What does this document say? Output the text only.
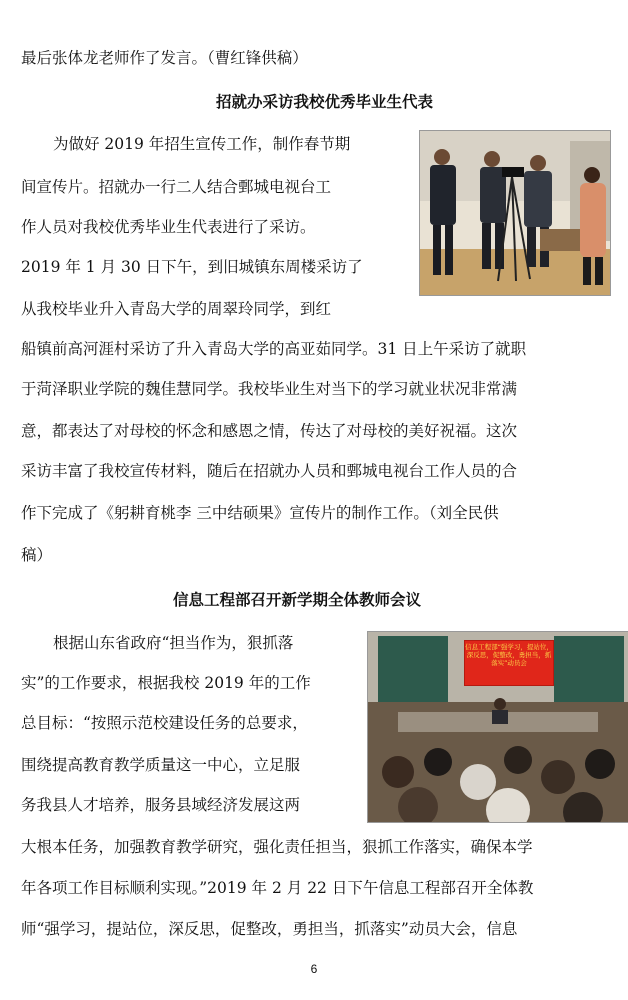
最后张体龙老师作了发言。（曹红锋供稿）
招就办采访我校优秀毕业生代表
为做好 2019 年招生宣传工作，制作春节期
间宣传片。招就办一行二人结合鄄城电视台工
作人员对我校优秀毕业生代表进行了采访。
2019 年 1 月 30 日下午，到旧城镇东周楼采访了
从我校毕业升入青岛大学的周翠玲同学，到红
船镇前高河涯村采访了升入青岛大学的高亚茹同学。31 日上午采访了就职
于菏泽职业学院的魏佳慧同学。我校毕业生对当下的学习就业状况非常满
意，都表达了对母校的怀念和感恩之情，传达了对母校的美好祝福。这次
采访丰富了我校宣传材料，随后在招就办人员和鄄城电视台工作人员的合
作下完成了《躬耕育桃李 三中结硕果》宣传片的制作工作。（刘全民供
稿）
信息工程部召开新学期全体教师会议
根据山东省政府“担当作为，狠抓落
实”的工作要求，根据我校 2019 年的工作
总目标：“按照示范校建设任务的总要求，
围绕提高教育教学质量这一中心，立足服
务我县人才培养，服务县域经济发展这两
大根本任务，加强教育教学研究，强化责任担当，狠抓工作落实，确保本学
年各项工作目标顺利实现。”2019 年 2 月 22 日下午信息工程部召开全体教
师“强学习，提站位，深反思，促整改，勇担当，抓落实”动员大会，信息
信息工程部“强学习，提站位，深反思，促整改，勇担当，抓落实”动员会
6
